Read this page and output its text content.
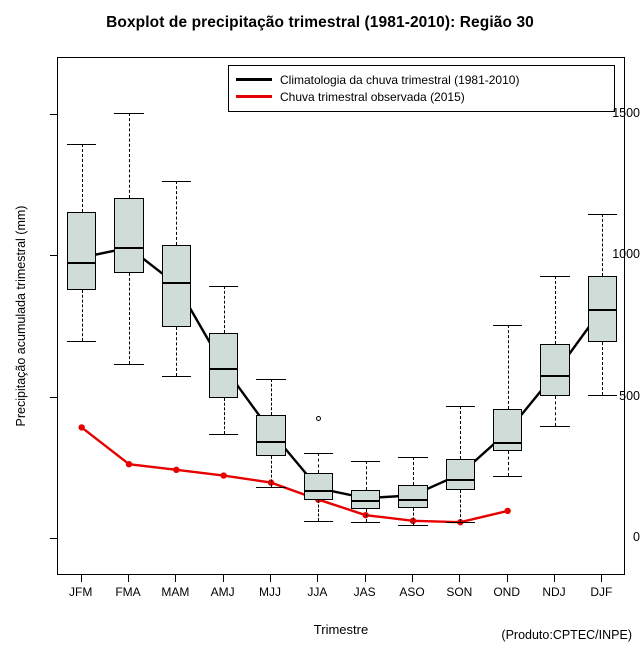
Boxplot de precipitação trimestral (1981-2010): Região 30
Precipitação acumulada trimestral (mm)
Trimestre	(Produto:CPTEC/INPE)
Climatologia da chuva trimestral (1981-2010)
Chuva trimestral observada (2015)
0
500
1000
1500
JFM	FMA	MAM	AMJ	MJJ	JJA	JAS	ASO	SON	OND	NDJ	DJF
